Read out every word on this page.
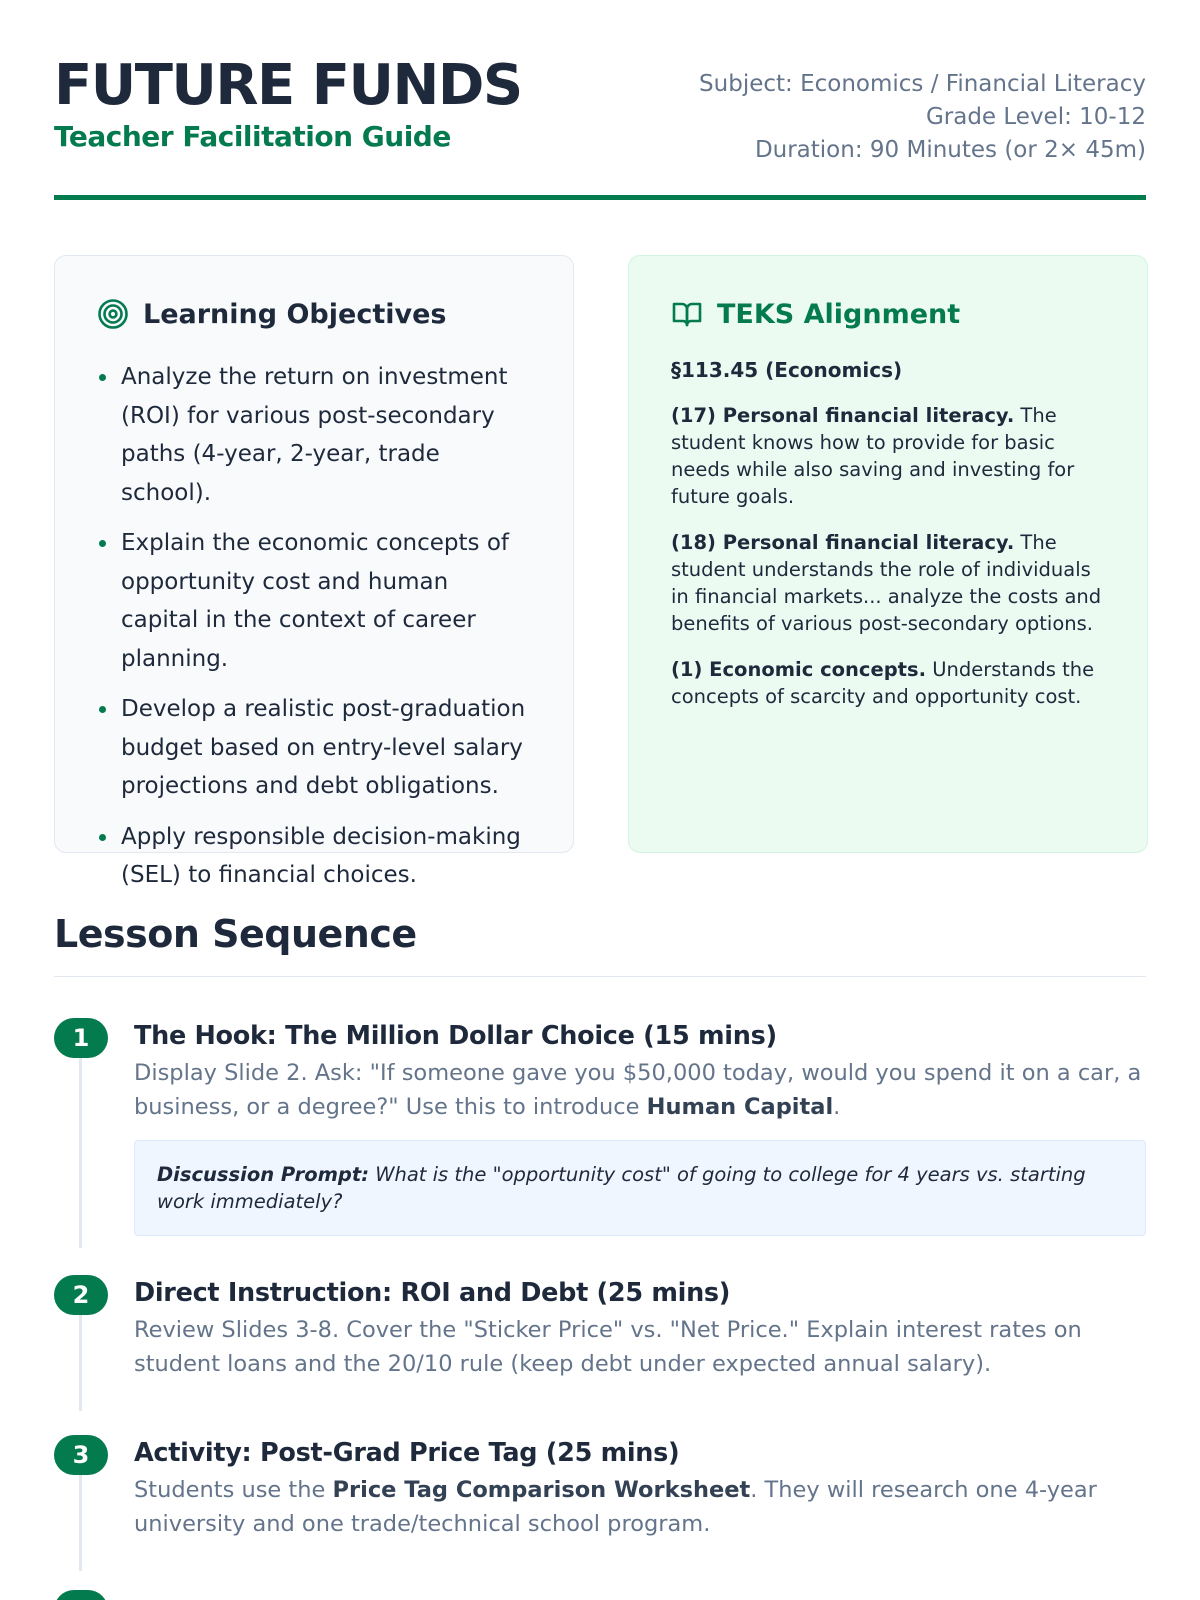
FUTURE FUNDS
Teacher Facilitation Guide
Subject: Economics / Financial Literacy
Grade Level: 10-12
Duration: 90 Minutes (or 2× 45m)
Learning Objectives
Analyze the return on investment (ROI) for various post-secondary paths (4-year, 2-year, trade school).
Explain the economic concepts of opportunity cost and human capital in the context of career planning.
Develop a realistic post-graduation budget based on entry-level salary projections and debt obligations.
Apply responsible decision-making (SEL) to financial choices.
TEKS Alignment
§113.45 (Economics)
(17) Personal financial literacy. The student knows how to provide for basic needs while also saving and investing for future goals.
(18) Personal financial literacy. The student understands the role of individuals in financial markets... analyze the costs and benefits of various post-secondary options.
(1) Economic concepts. Understands the concepts of scarcity and opportunity cost.
Lesson Sequence
1	The Hook: The Million Dollar Choice (15 mins)
Display Slide 2. Ask: "If someone gave you $50,000 today, would you spend it on a car, a business, or a degree?" Use this to introduce Human Capital.
Discussion Prompt: What is the "opportunity cost" of going to college for 4 years vs. starting work immediately?
2	Direct Instruction: ROI and Debt (25 mins)
Review Slides 3-8. Cover the "Sticker Price" vs. "Net Price." Explain interest rates on student loans and the 20/10 rule (keep debt under expected annual salary).
3	Activity: Post-Grad Price Tag (25 mins)
Students use the Price Tag Comparison Worksheet. They will research one 4-year university and one trade/technical school program.
